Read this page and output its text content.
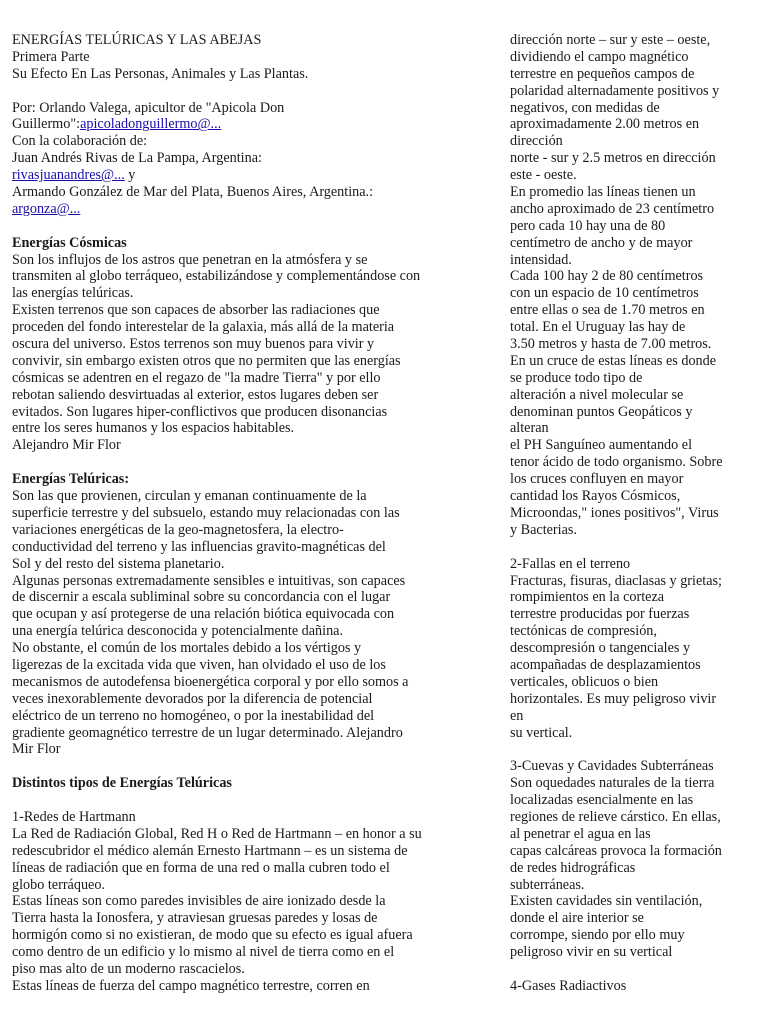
ENERGÍAS TELÚRICAS Y LAS ABEJAS
Primera Parte
Su Efecto En Las Personas, Animales y Las Plantas.
Por: Orlando Valega, apicultor de "Apicola Don
Guillermo":apicoladonguillermo@...
Con la colaboración de:
Juan Andrés Rivas de La Pampa, Argentina:
rivasjuanandres@... y
Armando González de Mar del Plata, Buenos Aires, Argentina.:
argonza@...
Energías Cósmicas
Son los influjos de los astros que penetran en la atmósfera y se
transmiten al globo terráqueo, estabilizándose y complementándose con
las energías telúricas.
Existen terrenos que son capaces de absorber las radiaciones que
proceden del fondo interestelar de la galaxia, más allá de la materia
oscura del universo. Estos terrenos son muy buenos para vivir y
convivir, sin embargo existen otros que no permiten que las energías
cósmicas se adentren en el regazo de "la madre Tierra" y por ello
rebotan saliendo desvirtuadas al exterior, estos lugares deben ser
evitados. Son lugares hiper-conflictivos que producen disonancias
entre los seres humanos y los espacios habitables.
Alejandro Mir Flor
Energías Telúricas:
Son las que provienen, circulan y emanan continuamente de la
superficie terrestre y del subsuelo, estando muy relacionadas con las
variaciones energéticas de la geo-magnetosfera, la electro-
conductividad del terreno y las influencias gravito-magnéticas del
Sol y del resto del sistema planetario.
Algunas personas extremadamente sensibles e intuitivas, son capaces
de discernir a escala subliminal sobre su concordancia con el lugar
que ocupan y así protegerse de una relación biótica equivocada con
una energía telúrica desconocida y potencialmente dañina.
No obstante, el común de los mortales debido a los vértigos y
ligerezas de la excitada vida que viven, han olvidado el uso de los
mecanismos de autodefensa bioenergética corporal y por ello somos a
veces inexorablemente devorados por la diferencia de potencial
eléctrico de un terreno no homogéneo, o por la inestabilidad del
gradiente geomagnético terrestre de un lugar determinado. Alejandro
Mir Flor
Distintos tipos de Energías Telúricas
1-Redes de Hartmann
La Red de Radiación Global, Red H o Red de Hartmann – en honor a su
redescubridor el médico alemán Ernesto Hartmann – es un sistema de
líneas de radiación que en forma de una red o malla cubren todo el
globo terráqueo.
Estas líneas son como paredes invisibles de aire ionizado desde la
Tierra hasta la Ionosfera, y atraviesan gruesas paredes y losas de
hormigón como si no existieran, de modo que su efecto es igual afuera
como dentro de un edificio y lo mismo al nivel de tierra como en el
piso mas alto de un moderno rascacielos.
Estas líneas de fuerza del campo magnético terrestre, corren en
dirección norte – sur y este – oeste,
dividiendo el campo magnético
terrestre en pequeños campos de
polaridad alternadamente positivos y
negativos, con medidas de
aproximadamente 2.00 metros en
dirección
norte - sur y 2.5 metros en dirección
este - oeste.
En promedio las líneas tienen un
ancho aproximado de 23 centímetro
pero cada 10 hay una de 80
centímetro de ancho y de mayor
intensidad.
Cada 100 hay 2 de 80 centímetros
con un espacio de 10 centímetros
entre ellas o sea de 1.70 metros en
total. En el Uruguay las hay de
3.50 metros y hasta de 7.00 metros.
En un cruce de estas líneas es donde
se produce todo tipo de
alteración a nivel molecular se
denominan puntos Geopáticos y
alteran
el PH Sanguíneo aumentando el
tenor ácido de todo organismo. Sobre
los cruces confluyen en mayor
cantidad los Rayos Cósmicos,
Microondas," iones positivos", Virus
y Bacterias.
2-Fallas en el terreno
Fracturas, fisuras, diaclasas y grietas;
rompimientos en la corteza
terrestre producidas por fuerzas
tectónicas de compresión,
descompresión o tangenciales y
acompañadas de desplazamientos
verticales, oblicuos o bien
horizontales. Es muy peligroso vivir
en
su vertical.
3-Cuevas y Cavidades Subterráneas
Son oquedades naturales de la tierra
localizadas esencialmente en las
regiones de relieve cárstico. En ellas,
al penetrar el agua en las
capas calcáreas provoca la formación
de redes hidrográficas
subterráneas.
Existen cavidades sin ventilación,
donde el aire interior se
corrompe, siendo por ello muy
peligroso vivir en su vertical
4-Gases Radiactivos
